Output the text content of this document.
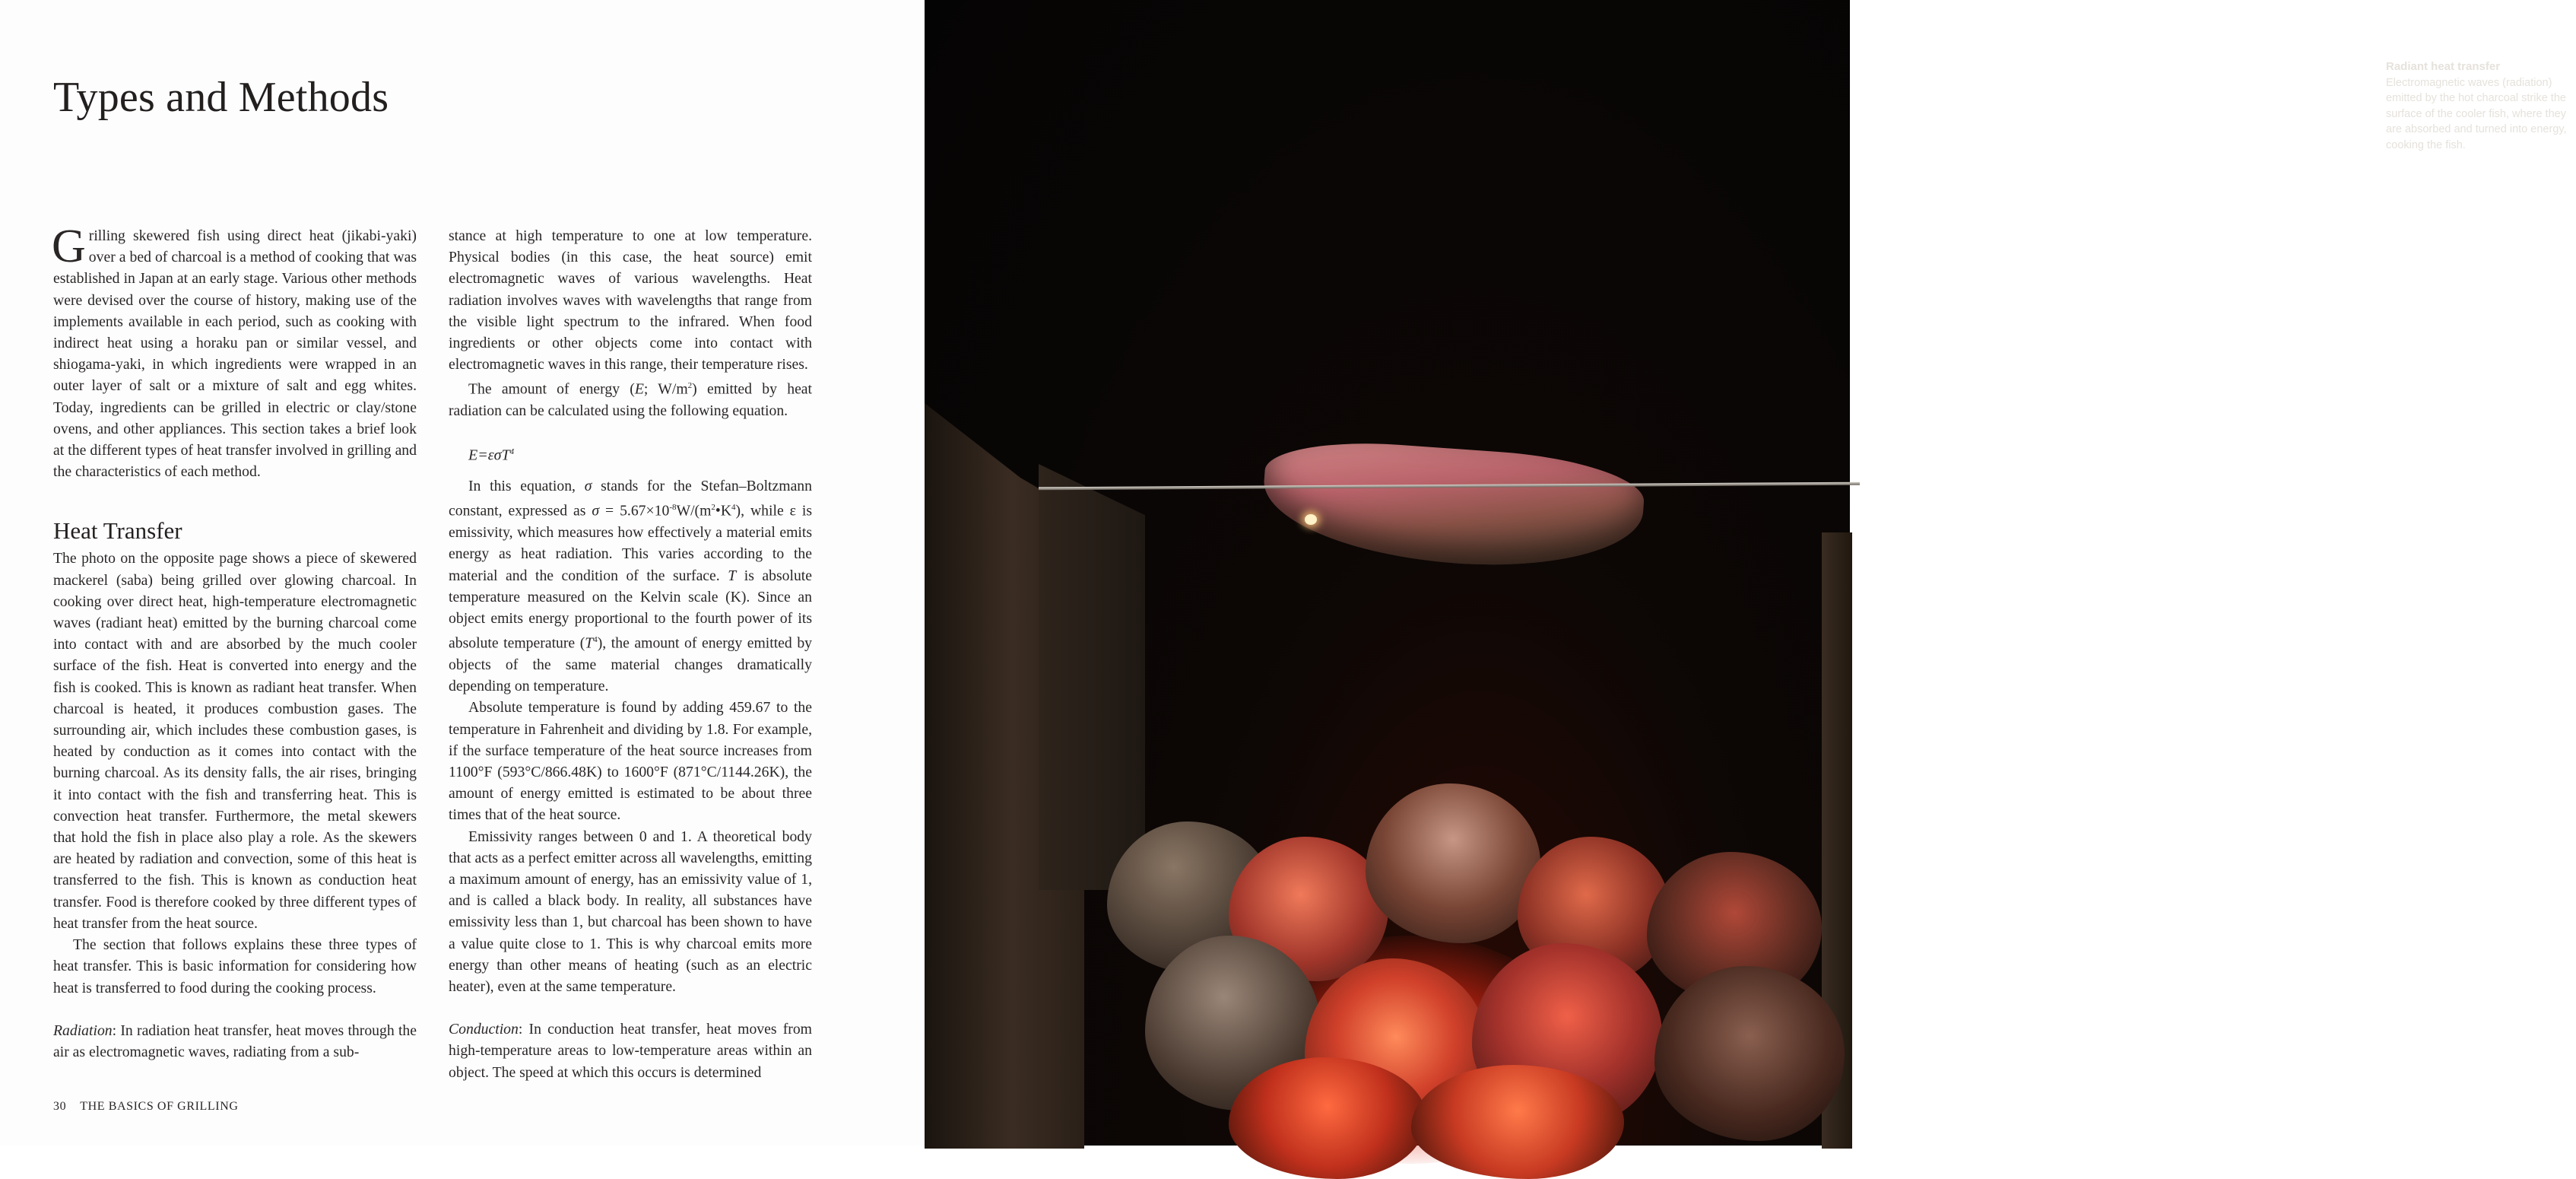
Types and Methods

Grilling skewered fish using direct heat (jikabi-yaki) over a bed of charcoal is a method of cooking that was established in Japan at an early stage. Various other methods were devised over the course of history, making use of the implements available in each period, such as cooking with indirect heat using a horaku pan or similar vessel, and shiogama-yaki, in which ingredients were wrapped in an outer layer of salt or a mixture of salt and egg whites. Today, ingredients can be grilled in electric or clay/stone ovens, and other appliances. This section takes a brief look at the different types of heat transfer involved in grilling and the characteristics of each method.

Heat Transfer

The photo on the opposite page shows a piece of skewered mackerel (saba) being grilled over glowing charcoal. In cooking over direct heat, high-temperature electromagnetic waves (radiant heat) emitted by the burning charcoal come into contact with and are absorbed by the much cooler surface of the fish. Heat is converted into energy and the fish is cooked. This is known as radiant heat transfer. When charcoal is heated, it produces combustion gases. The surrounding air, which includes these combustion gases, is heated by conduction as it comes into contact with the burning charcoal. As its density falls, the air rises, bringing it into contact with the fish and transferring heat. This is convection heat transfer. Furthermore, the metal skewers that hold the fish in place also play a role. As the skewers are heated by radiation and convection, some of this heat is transferred to the fish. This is known as conduction heat transfer. Food is therefore cooked by three different types of heat transfer from the heat source.

The section that follows explains these three types of heat transfer. This is basic information for considering how heat is transferred to food during the cooking process.

Radiation: In radiation heat transfer, heat moves through the air as electromagnetic waves, radiating from a sub-

stance at high temperature to one at low temperature. Physical bodies (in this case, the heat source) emit electromagnetic waves of various wavelengths. Heat radiation involves waves with wavelengths that range from the visible light spectrum to the infrared. When food ingredients or other objects come into contact with electromagnetic waves in this range, their temperature rises.

The amount of energy (E; $W/m^2$) emitted by heat radiation can be calculated using the following equation.

E=εσT$^4$

In this equation, σ stands for the Stefan–Boltzmann constant, expressed as $\sigma = 5.67\times 10^{-8}W/(m^2•K^4)$, while ε is emissivity, which measures how effectively a material emits energy as heat radiation. This varies according to the material and the condition of the surface. T is absolute temperature measured on the Kelvin scale (K). Since an object emits energy proportional to the fourth power of its absolute temperature $(T^4)$, the amount of energy emitted by objects of the same material changes dramatically depending on temperature.

Absolute temperature is found by adding 459.67 to the temperature in Fahrenheit and dividing by 1.8. For example, if the surface temperature of the heat source increases from 1100°F (593°C/866.48K) to 1600°F (871°C/1144.26K), the amount of energy emitted is estimated to be about three times that of the heat source.

Emissivity ranges between 0 and 1. A theoretical body that acts as a perfect emitter across all wavelengths, emitting a maximum amount of energy, has an emissivity value of 1, and is called a black body. In reality, all substances have emissivity less than 1, but charcoal has been shown to have a value quite close to 1. This is why charcoal emits more energy than other means of heating (such as an electric heater), even at the same temperature.

Conduction: In conduction heat transfer, heat moves from high-temperature areas to low-temperature areas within an object. The speed at which this occurs is determined

30 THE BASICS OF GRILLING
Radiant heat transfer
Electromagnetic waves (radiation) emitted by the hot charcoal strike the surface of the cooler fish, where they are absorbed and turned into energy, cooking the fish.
